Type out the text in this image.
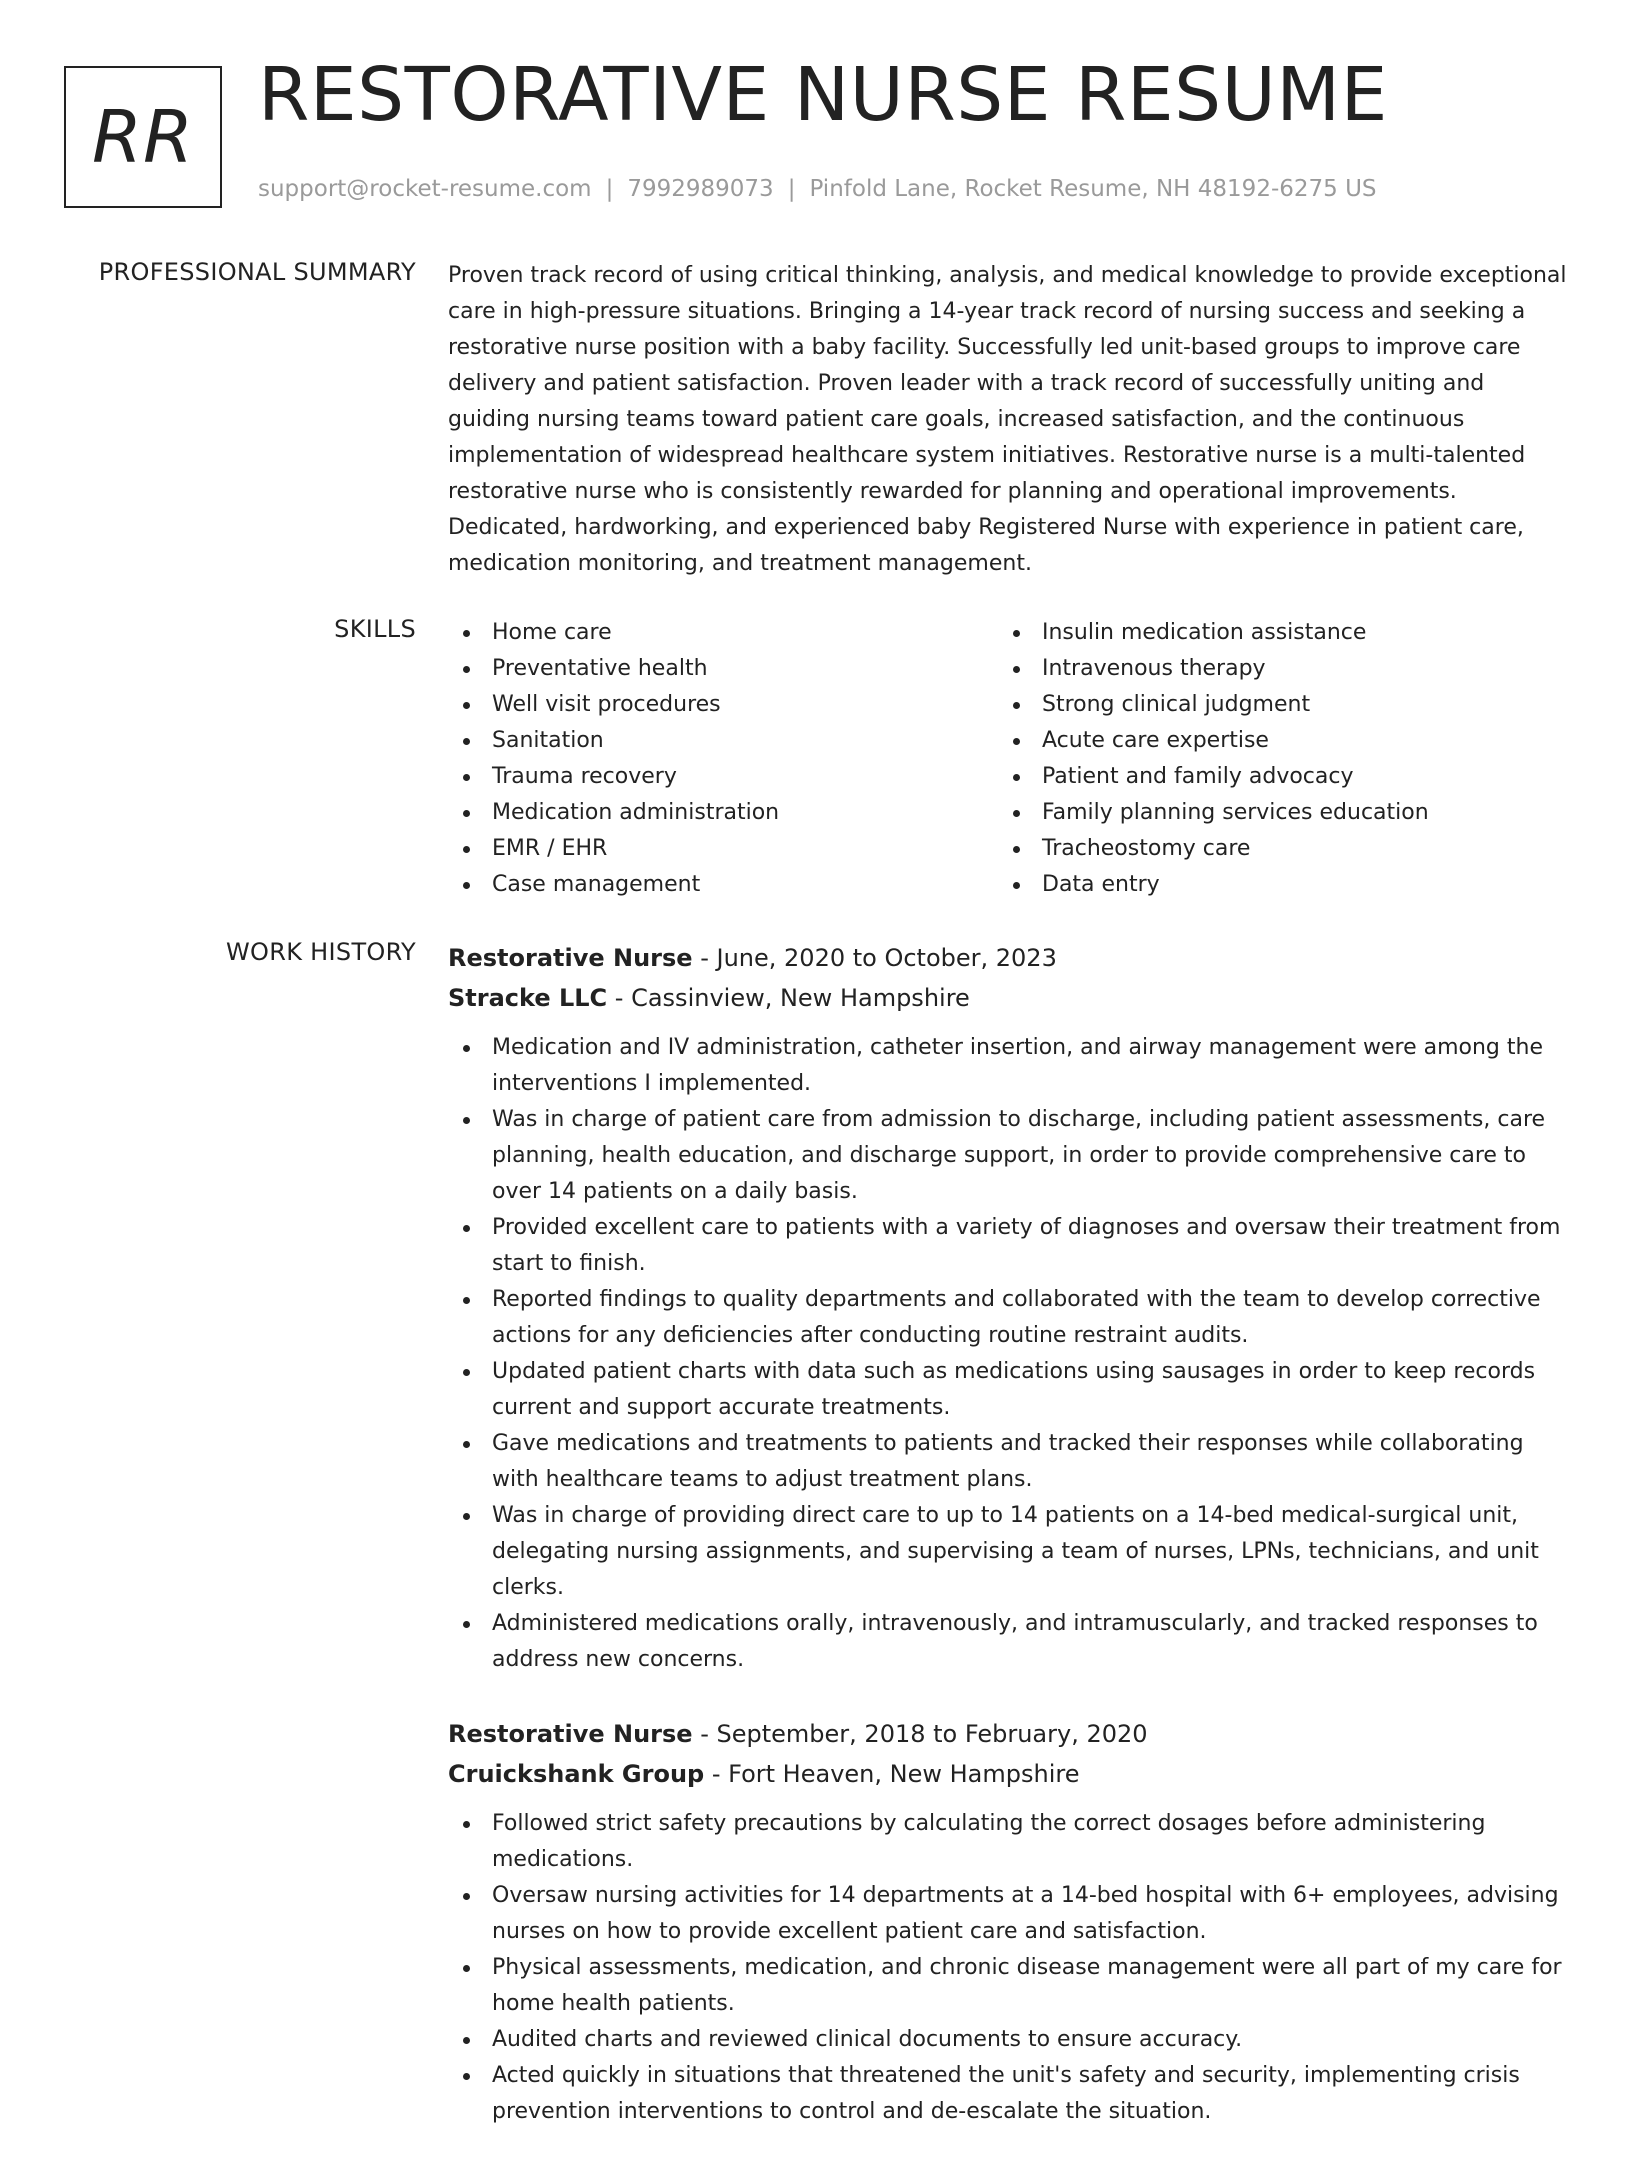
RR RESTORATIVE NURSE RESUME
support@rocket-resume.com | 7992989073 | Pinfold Lane, Rocket Resume, NH 48192-6275 US
PROFESSIONAL SUMMARY Proven track record of using critical thinking, analysis, and medical knowledge to provide exceptional care in high-pressure situations. Bringing a 14-year track record of nursing success and seeking a restorative nurse position with a baby facility. Successfully led unit-based groups to improve care delivery and patient satisfaction. Proven leader with a track record of successfully uniting and guiding nursing teams toward patient care goals, increased satisfaction, and the continuous implementation of widespread healthcare system initiatives. Restorative nurse is a multi-talented restorative nurse who is consistently rewarded for planning and operational improvements. Dedicated, hardworking, and experienced baby Registered Nurse with experience in patient care, medication monitoring, and treatment management.

SKILLS	Home care
Preventative health
Well visit procedures
Sanitation
Trauma recovery
Medication administration
EMR / EHR
Case management
Insulin medication assistance
Intravenous therapy
Strong clinical judgment
Acute care expertise
Patient and family advocacy
Family planning services education
Tracheostomy care
Data entry
WORK HISTORY Restorative Nurse - June, 2020 to October, 2023
Stracke LLC - Cassinview, New Hampshire
Medication and IV administration, catheter insertion, and airway management were among the interventions I implemented.
Was in charge of patient care from admission to discharge, including patient assessments, care planning, health education, and discharge support, in order to provide comprehensive care to over 14 patients on a daily basis.
Provided excellent care to patients with a variety of diagnoses and oversaw their treatment from start to finish.
Reported findings to quality departments and collaborated with the team to develop corrective actions for any deficiencies after conducting routine restraint audits.
Updated patient charts with data such as medications using sausages in order to keep records current and support accurate treatments.
Gave medications and treatments to patients and tracked their responses while collaborating with healthcare teams to adjust treatment plans.
Was in charge of providing direct care to up to 14 patients on a 14-bed medical-surgical unit, delegating nursing assignments, and supervising a team of nurses, LPNs, technicians, and unit clerks.
Administered medications orally, intravenously, and intramuscularly, and tracked responses to address new concerns.
Restorative Nurse - September, 2018 to February, 2020
Cruickshank Group - Fort Heaven, New Hampshire
Followed strict safety precautions by calculating the correct dosages before administering medications.
Oversaw nursing activities for 14 departments at a 14-bed hospital with 6+ employees, advising nurses on how to provide excellent patient care and satisfaction.
Physical assessments, medication, and chronic disease management were all part of my care for home health patients.
Audited charts and reviewed clinical documents to ensure accuracy.
Acted quickly in situations that threatened the unit's safety and security, implementing crisis prevention interventions to control and de-escalate the situation.
